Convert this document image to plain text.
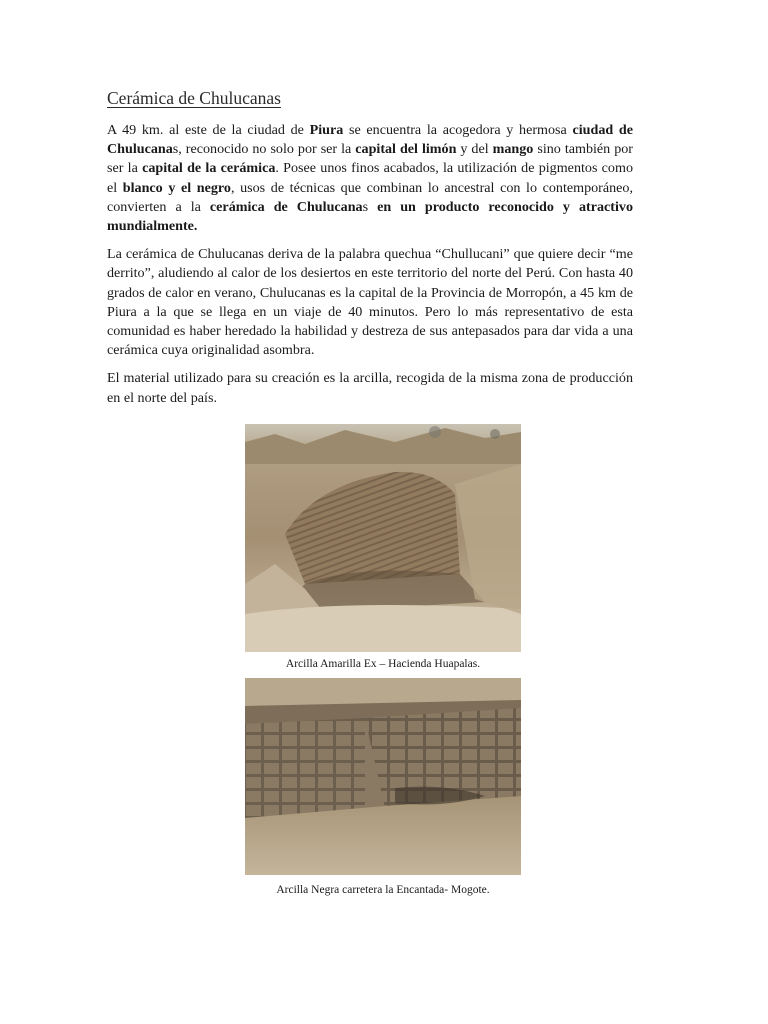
Cerámica de Chulucanas

A 49 km. al este de la ciudad de Piura se encuentra la acogedora y hermosa ciudad de Chulucanas, reconocido no solo por ser la capital del limón y del mango sino también por ser la capital de la cerámica. Posee unos finos acabados, la utilización de pigmentos como el blanco y el negro, usos de técnicas que combinan lo ancestral con lo contemporáneo, convierten a la cerámica de Chulucanas en un producto reconocido y atractivo mundialmente.

La cerámica de Chulucanas deriva de la palabra quechua “Chullucani” que quiere decir “me derrito”, aludiendo al calor de los desiertos en este territorio del norte del Perú. Con hasta 40 grados de calor en verano, Chulucanas es la capital de la Provincia de Morropón, a 45 km de Piura a la que se llega en un viaje de 40 minutos. Pero lo más representativo de esta comunidad es haber heredado la habilidad y destreza de sus antepasados para dar vida a una cerámica cuya originalidad asombra.

El material utilizado para su creación es la arcilla, recogida de la misma zona de producción en el norte del país.

Arcilla Amarilla Ex – Hacienda Huapalas.
Arcilla Negra carretera la Encantada- Mogote.
